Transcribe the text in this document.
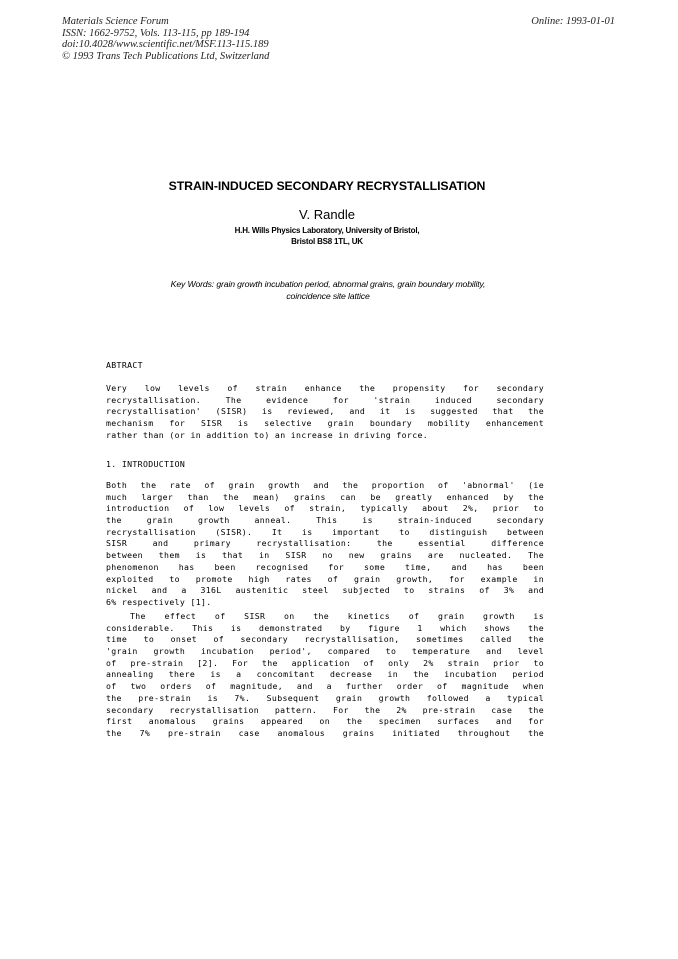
Materials Science Forum
ISSN: 1662-9752, Vols. 113-115, pp 189-194
doi:10.4028/www.scientific.net/MSF.113-115.189
© 1993 Trans Tech Publications Ltd, Switzerland
Online: 1993-01-01
STRAIN-INDUCED SECONDARY RECRYSTALLISATION
V. Randle
H.H. Wills Physics Laboratory, University of Bristol,
Bristol BS8 1TL, UK
Key Words: grain growth incubation period, abnormal grains, grain boundary mobility,
coincidence site lattice
ABTRACT
Very low levels of strain enhance the propensity for secondary
recrystallisation. The evidence for 'strain induced secondary
recrystallisation' (SISR) is reviewed, and it is suggested that the
mechanism for SISR is selective grain boundary mobility enhancement
rather than (or in addition to) an increase in driving force.
1. INTRODUCTION
Both the rate of grain growth and the proportion of 'abnormal' (ie
much larger than the mean) grains can be greatly enhanced by the
introduction of low levels of strain, typically about 2%, prior to
the grain growth anneal. This is strain-induced secondary
recrystallisation (SISR). It is important to distinguish between
SISR and primary recrystallisation: the essential difference
between them is that in SISR no new grains are nucleated. The
phenomenon has been recognised for some time, and has been
exploited to promote high rates of grain growth, for example in
nickel and a 316L austenitic steel subjected to strains of 3% and
6% respectively [1].
The effect of SISR on the kinetics of grain growth is
considerable. This is demonstrated by figure 1 which shows the
time to onset of secondary recrystallisation, sometimes called the
'grain growth incubation period', compared to temperature and level
of pre-strain [2]. For the application of only 2% strain prior to
annealing there is a concomitant decrease in the incubation period
of two orders of magnitude, and a further order of magnitude when
the pre-strain is 7%. Subsequent grain growth followed a typical
secondary recrystallisation pattern. For the 2% pre-strain case the
first anomalous grains appeared on the specimen surfaces and for
the 7% pre-strain case anomalous grains initiated throughout the
